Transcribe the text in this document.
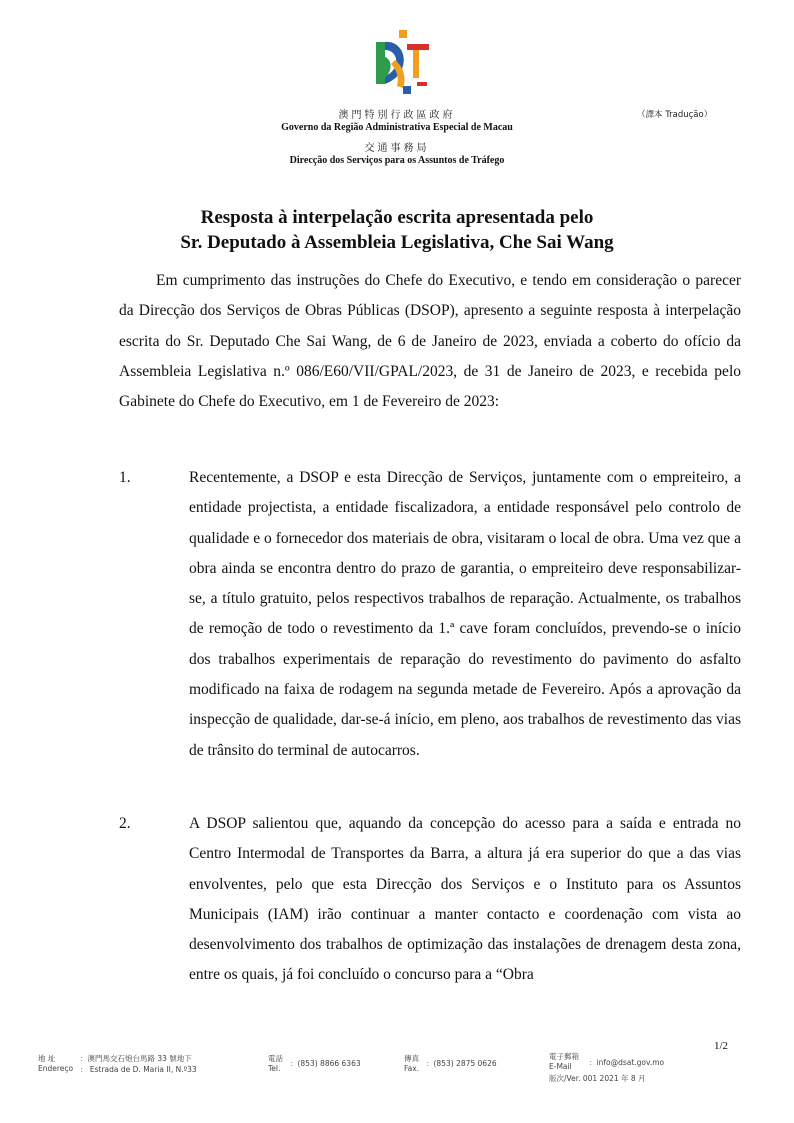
澳門特別行政區政府
Governo da Região Administrativa Especial de Macau
交通事務局
Direcção dos Serviços para os Assuntos de Tráfego
（譯本 Tradução）
Resposta à interpelação escrita apresentada pelo
Sr. Deputado à Assembleia Legislativa, Che Sai Wang

Em cumprimento das instruções do Chefe do Executivo, e tendo em consideração o parecer da Direcção dos Serviços de Obras Públicas (DSOP), apresento a seguinte resposta à interpelação escrita do Sr. Deputado Che Sai Wang, de 6 de Janeiro de 2023, enviada a coberto do ofício da Assembleia Legislativa n.º 086/E60/VII/GPAL/2023, de 31 de Janeiro de 2023, e recebida pelo Gabinete do Chefe do Executivo, em 1 de Fevereiro de 2023:

1.	Recentemente, a DSOP e esta Direcção de Serviços, juntamente com o empreiteiro, a entidade projectista, a entidade fiscalizadora, a entidade responsável pelo controlo de qualidade e o fornecedor dos materiais de obra, visitaram o local de obra. Uma vez que a obra ainda se encontra dentro do prazo de garantia, o empreiteiro deve responsabilizar-se, a título gratuito, pelos respectivos trabalhos de reparação. Actualmente, os trabalhos de remoção de todo o revestimento da 1.ª cave foram concluídos, prevendo-se o início dos trabalhos experimentais de reparação do revestimento do pavimento do asfalto modificado na faixa de rodagem na segunda metade de Fevereiro. Após a aprovação da inspecção de qualidade, dar-se-á início, em pleno, aos trabalhos de revestimento das vias de trânsito do terminal de autocarros.

2.	A DSOP salientou que, aquando da concepção do acesso para a saída e entrada no Centro Intermodal de Transportes da Barra, a altura já era superior do que a das vias envolventes, pelo que esta Direcção dos Serviços e o Instituto para os Assuntos Municipais (IAM) irão continuar a manter contacto e coordenação com vista ao desenvolvimento dos trabalhos de optimização das instalações de drenagem desta zona, entre os quais, já foi concluído o concurso para a “Obra

1/2
地 址
Endereço
：澳門馬交石炮台馬路 33 號地下
： Estrada de D. Maria II, N.º33
電話
Tel.
：(853) 8866 6363
傳真
Fax.
：(853) 2875 0626
電子郵箱
E-Mail ：info@dsat.gov.mo
版次/Ver. 001 2021 年 8 月
